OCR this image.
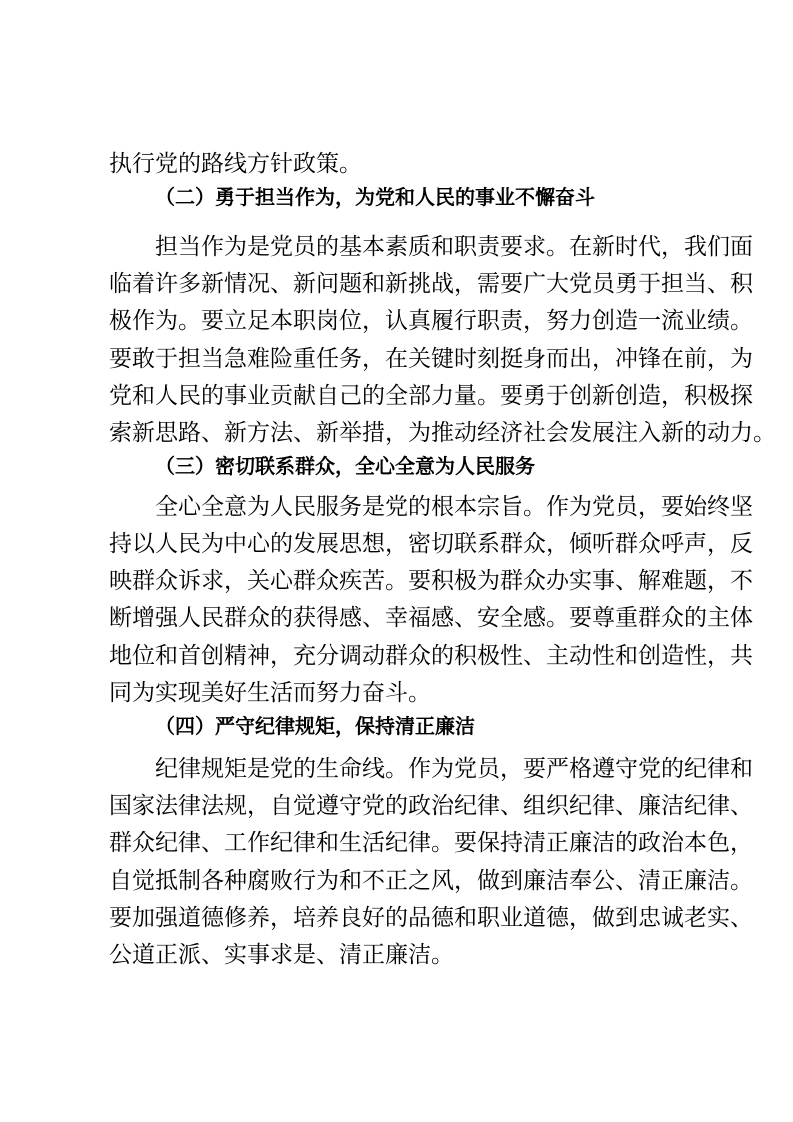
执行党的路线方针政策。
（二）勇于担当作为，为党和人民的事业不懈奋斗
担当作为是党员的基本素质和职责要求。在新时代，我们面
临着许多新情况、新问题和新挑战，需要广大党员勇于担当、积
极作为。要立足本职岗位，认真履行职责，努力创造一流业绩。
要敢于担当急难险重任务，在关键时刻挺身而出，冲锋在前，为
党和人民的事业贡献自己的全部力量。要勇于创新创造，积极探
索新思路、新方法、新举措，为推动经济社会发展注入新的动力。
（三）密切联系群众，全心全意为人民服务
全心全意为人民服务是党的根本宗旨。作为党员，要始终坚
持以人民为中心的发展思想，密切联系群众，倾听群众呼声，反
映群众诉求，关心群众疾苦。要积极为群众办实事、解难题，不
断增强人民群众的获得感、幸福感、安全感。要尊重群众的主体
地位和首创精神，充分调动群众的积极性、主动性和创造性，共
同为实现美好生活而努力奋斗。
（四）严守纪律规矩，保持清正廉洁
纪律规矩是党的生命线。作为党员，要严格遵守党的纪律和
国家法律法规，自觉遵守党的政治纪律、组织纪律、廉洁纪律、
群众纪律、工作纪律和生活纪律。要保持清正廉洁的政治本色，
自觉抵制各种腐败行为和不正之风，做到廉洁奉公、清正廉洁。
要加强道德修养，培养良好的品德和职业道德，做到忠诚老实、
公道正派、实事求是、清正廉洁。
